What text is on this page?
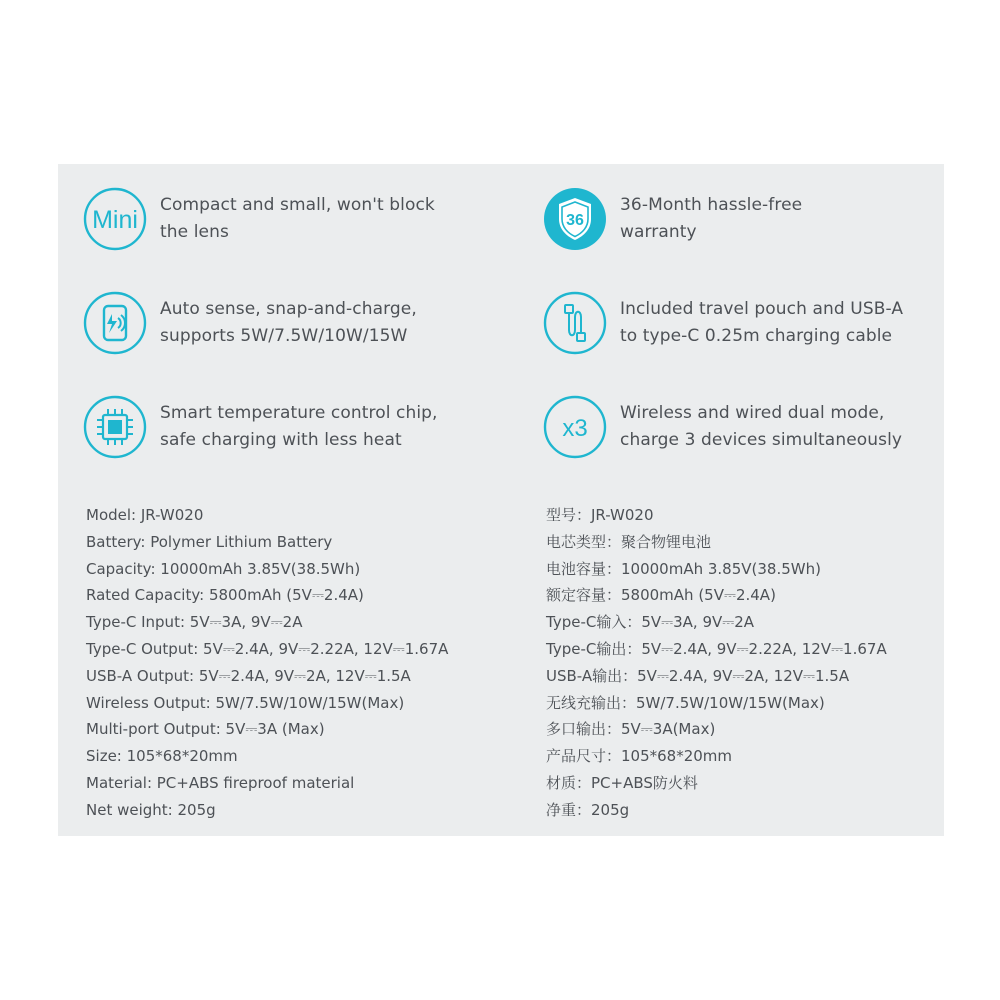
Mini
Compact and small, won't block
the lens
36
36-Month hassle-free
warranty
Auto sense, snap-and-charge,
supports 5W/7.5W/10W/15W
Included travel pouch and USB-A
to type-C 0.25m charging cable
Smart temperature control chip,
safe charging with less heat	x3
Wireless and wired dual mode,
charge 3 devices simultaneously
Model: JR-W020
Battery: Polymer Lithium Battery
Capacity: 10000mAh 3.85V(38.5Wh)
Rated Capacity: 5800mAh (5V⎓2.4A)
Type-C Input: 5V⎓3A, 9V⎓2A
Type-C Output: 5V⎓2.4A, 9V⎓2.22A, 12V⎓1.67A
USB-A Output: 5V⎓2.4A, 9V⎓2A, 12V⎓1.5A
Wireless Output: 5W/7.5W/10W/15W(Max)
Multi-port Output: 5V⎓3A (Max)
Size: 105*68*20mm
Material: PC+ABS fireproof material
Net weight: 205g
型号：JR-W020
电芯类型：聚合物锂电池
电池容量：10000mAh 3.85V(38.5Wh)
额定容量：5800mAh (5V⎓2.4A)
Type-C输入：5V⎓3A, 9V⎓2A
Type-C输出：5V⎓2.4A, 9V⎓2.22A, 12V⎓1.67A
USB-A输出：5V⎓2.4A, 9V⎓2A, 12V⎓1.5A
无线充输出：5W/7.5W/10W/15W(Max)
多口输出：5V⎓3A(Max)
产品尺寸：105*68*20mm
材质：PC+ABS防火料
净重：205g
